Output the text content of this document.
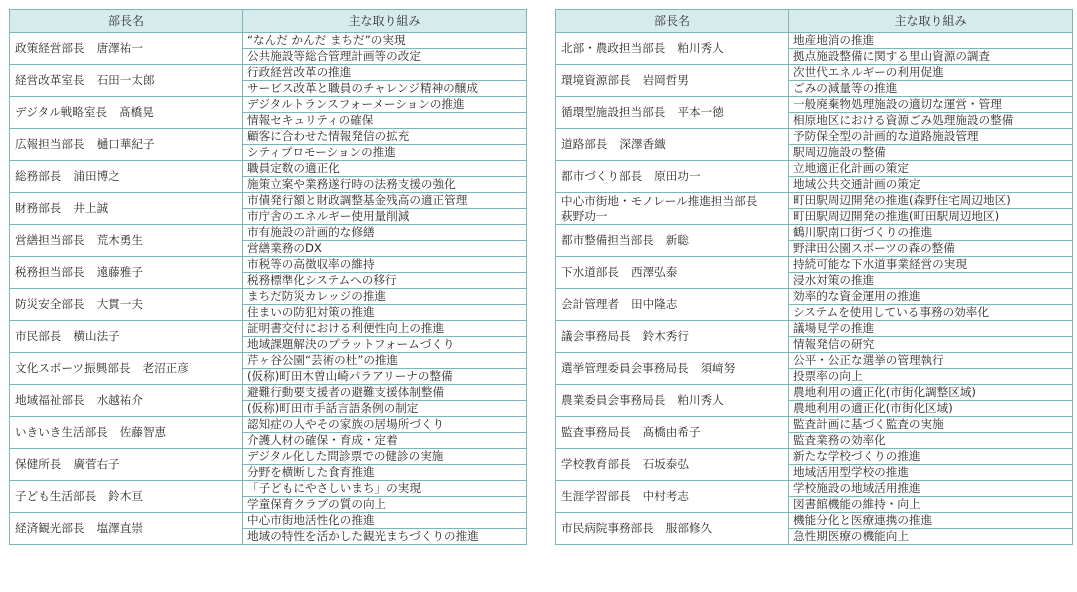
部長名	主な取り組み
政策経営部長 唐澤祐一	“なんだ かんだ まちだ”の実現
	公共施設等総合管理計画等の改定
経営改革室長 石田一太郎	行政経営改革の推進
	サービス改革と職員のチャレンジ精神の醸成
デジタル戦略室長 髙橋晃	デジタルトランスフォーメーションの推進
	情報セキュリティの確保
広報担当部長 樋口華紀子	顧客に合わせた情報発信の拡充
	シティプロモーションの推進
総務部長 浦田博之	職員定数の適正化
	施策立案や業務遂行時の法務支援の強化
財務部長 井上誠	市債発行額と財政調整基金残高の適正管理
	市庁舎のエネルギー使用量削減
営繕担当部長 荒木勇生	市有施設の計画的な修繕
	営繕業務のDX
税務担当部長 遠藤雅子	市税等の高徴収率の維持
	税務標準化システムへの移行
防災安全部長 大貫一夫	まちだ防災カレッジの推進
	住まいの防犯対策の推進
市民部長 横山法子	証明書交付における利便性向上の推進
	地域課題解決のプラットフォームづくり
文化スポーツ振興部長 老沼正彦	芹ヶ谷公園“芸術の杜”の推進
	(仮称)町田木曽山崎パラアリーナの整備
地域福祉部長 水越祐介	避難行動要支援者の避難支援体制整備
	(仮称)町田市手話言語条例の制定
いきいき生活部長 佐藤智恵	認知症の人やその家族の居場所づくり
	介護人材の確保・育成・定着
保健所長 廣菅右子	デジタル化した問診票での健診の実施
	分野を横断した食育推進
子ども生活部長 鈴木亘	「子どもにやさしいまち」の実現
	学童保育クラブの質の向上
経済観光部長 塩澤直崇	中心市街地活性化の推進
	地域の特性を活かした観光まちづくりの推進
部長名	主な取り組み
北部・農政担当部長 粕川秀人	地産地消の推進
	拠点施設整備に関する里山資源の調査
環境資源部長 岩岡哲男	次世代エネルギーの利用促進
	ごみの減量等の推進
循環型施設担当部長 平本一徳	一般廃棄物処理施設の適切な運営・管理
	相原地区における資源ごみ処理施設の整備
道路部長 深澤香織	予防保全型の計画的な道路施設管理
	駅周辺施設の整備
都市づくり部長 原田功一	立地適正化計画の策定
	地域公共交通計画の策定
中心市街地・モノレール推進担当部長
萩野功一	町田駅周辺開発の推進(森野住宅周辺地区)
	町田駅周辺開発の推進(町田駅周辺地区)
都市整備担当部長 新聡	鶴川駅南口街づくりの推進
	野津田公園スポーツの森の整備
下水道部長 西澤弘泰	持続可能な下水道事業経営の実現
	浸水対策の推進
会計管理者 田中隆志	効率的な資金運用の推進
	システムを使用している事務の効率化
議会事務局長 鈴木秀行	議場見学の推進
	情報発信の研究
選挙管理委員会事務局長 須﨑努	公平・公正な選挙の管理執行
	投票率の向上
農業委員会事務局長 粕川秀人	農地利用の適正化(市街化調整区域)
	農地利用の適正化(市街化区域)
監査事務局長 髙橋由希子	監査計画に基づく監査の実施
	監査業務の効率化
学校教育部長 石坂泰弘	新たな学校づくりの推進
	地域活用型学校の推進
生涯学習部長 中村考志	学校施設の地域活用推進
	図書館機能の維持・向上
市民病院事務部長 服部修久	機能分化と医療連携の推進
	急性期医療の機能向上
